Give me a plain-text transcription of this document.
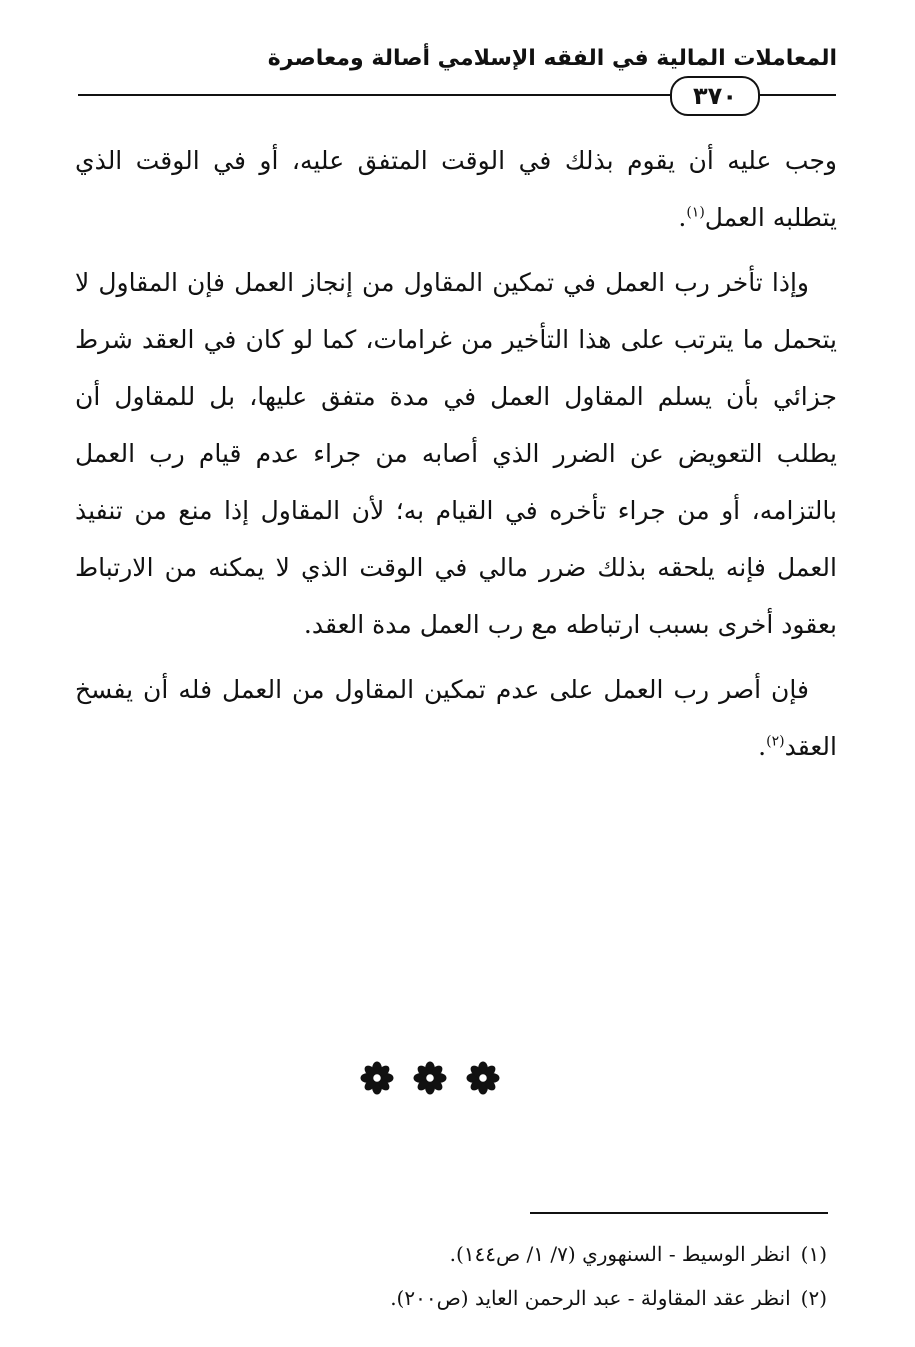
المعاملات المالية في الفقه الإسلامي أصالة ومعاصرة
٣٧٠

وجب عليه أن يقوم بذلك في الوقت المتفق عليه، أو في الوقت الذي يتطلبه العمل$^{(١)}$.

وإذا تأخر رب العمل في تمكين المقاول من إنجاز العمل فإن المقاول لا يتحمل ما يترتب على هذا التأخير من غرامات، كما لو كان في العقد شرط جزائي بأن يسلم المقاول العمل في مدة متفق عليها، بل للمقاول أن يطلب التعويض عن الضرر الذي أصابه من جراء عدم قيام رب العمل بالتزامه، أو من جراء تأخره في القيام به؛ لأن المقاول إذا منع من تنفيذ العمل فإنه يلحقه بذلك ضرر مالي في الوقت الذي لا يمكنه من الارتباط بعقود أخرى بسبب ارتباطه مع رب العمل مدة العقد.

فإن أصر رب العمل على عدم تمكين المقاول من العمل فله أن يفسخ العقد$^{(٢)}$.

(١)انظر الوسيط - السنهوري (٧/ ١/ ص١٤٤).
(٢)انظر عقد المقاولة - عبد الرحمن العايد (ص٢٠٠).
